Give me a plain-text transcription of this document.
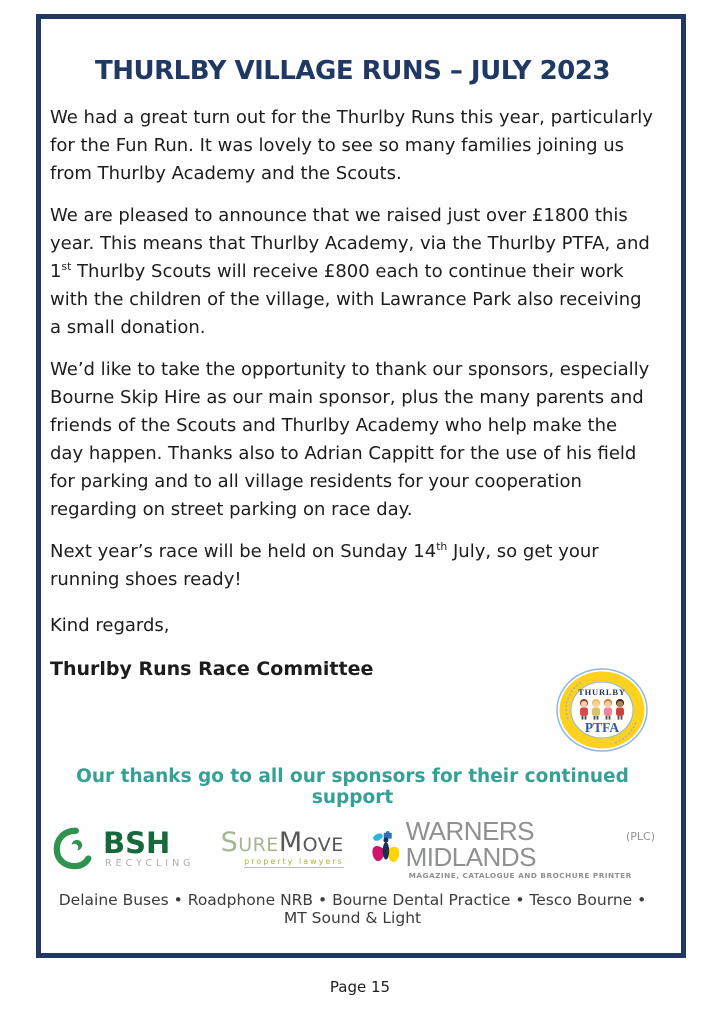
THURLBY VILLAGE RUNS – JULY 2023

We had a great turn out for the Thurlby Runs this year, particularly for the Fun Run. It was lovely to see so many families joining us from Thurlby Academy and the Scouts.

We are pleased to announce that we raised just over £1800 this year. This means that Thurlby Academy, via the Thurlby PTFA, and 1st Thurlby Scouts will receive £800 each to continue their work with the children of the village, with Lawrance Park also receiving a small donation.

We’d like to take the opportunity to thank our sponsors, especially Bourne Skip Hire as our main sponsor, plus the many parents and friends of the Scouts and Thurlby Academy who help make the day happen. Thanks also to Adrian Cappitt for the use of his field for parking and to all village residents for your cooperation regarding on street parking on race day.

Next year’s race will be held on Sunday 14th July, so get your running shoes ready!

Kind regards,

Thurlby Runs Race Committee

THURLBY
PTFA

Our thanks go to all our sponsors for their continued support

BSH
RECYCLING
SureMove
property lawyers
WARNERS MIDLANDS
(PLC)
MAGAZINE, CATALOGUE AND BROCHURE PRINTER

Delaine Buses • Roadphone NRB • Bourne Dental Practice • Tesco Bourne • MT Sound & Light

Page 15
